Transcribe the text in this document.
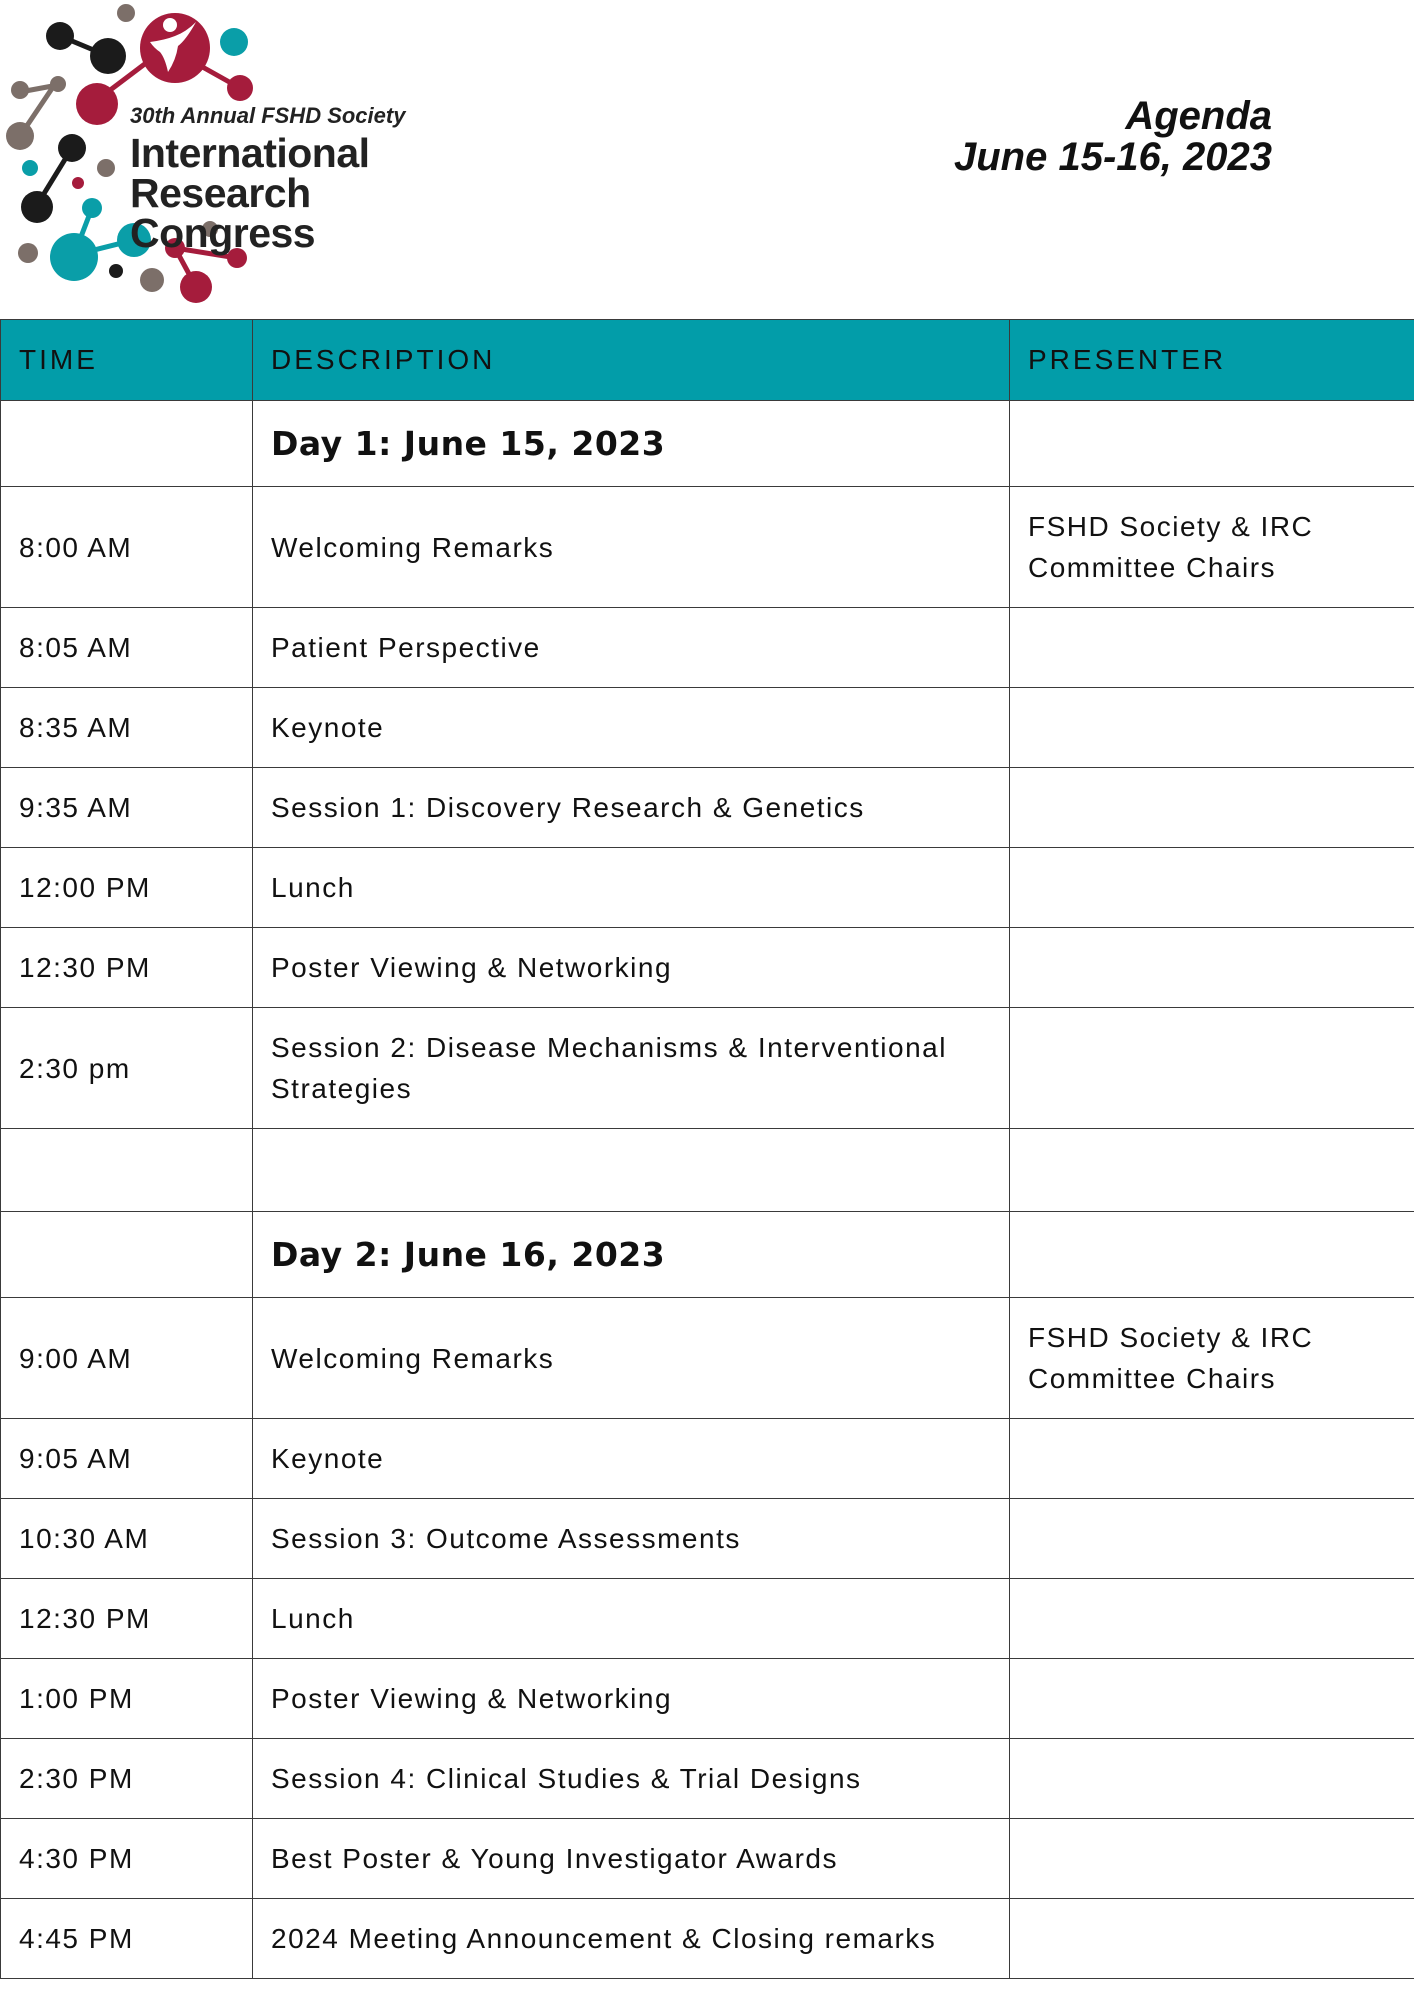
30th Annual FSHD Society
International
Research Congress
Agenda
June 15-16, 2023
TIME	DESCRIPTION	PRESENTER
	Day 1: June 15, 2023	
8:00 AM	Welcoming Remarks	FSHD Society & IRC Committee Chairs
8:05 AM	Patient Perspective	
8:35 AM	Keynote	
9:35 AM	Session 1: Discovery Research & Genetics	
12:00 PM	Lunch	
12:30 PM	Poster Viewing & Networking	
2:30 pm	Session 2: Disease Mechanisms & Interventional Strategies	

	Day 2: June 16, 2023	
9:00 AM	Welcoming Remarks	FSHD Society & IRC Committee Chairs
9:05 AM	Keynote	
10:30 AM	Session 3: Outcome Assessments	
12:30 PM	Lunch	
1:00 PM	Poster Viewing & Networking	
2:30 PM	Session 4: Clinical Studies & Trial Designs	
4:30 PM	Best Poster & Young Investigator Awards	
4:45 PM	2024 Meeting Announcement & Closing remarks	
